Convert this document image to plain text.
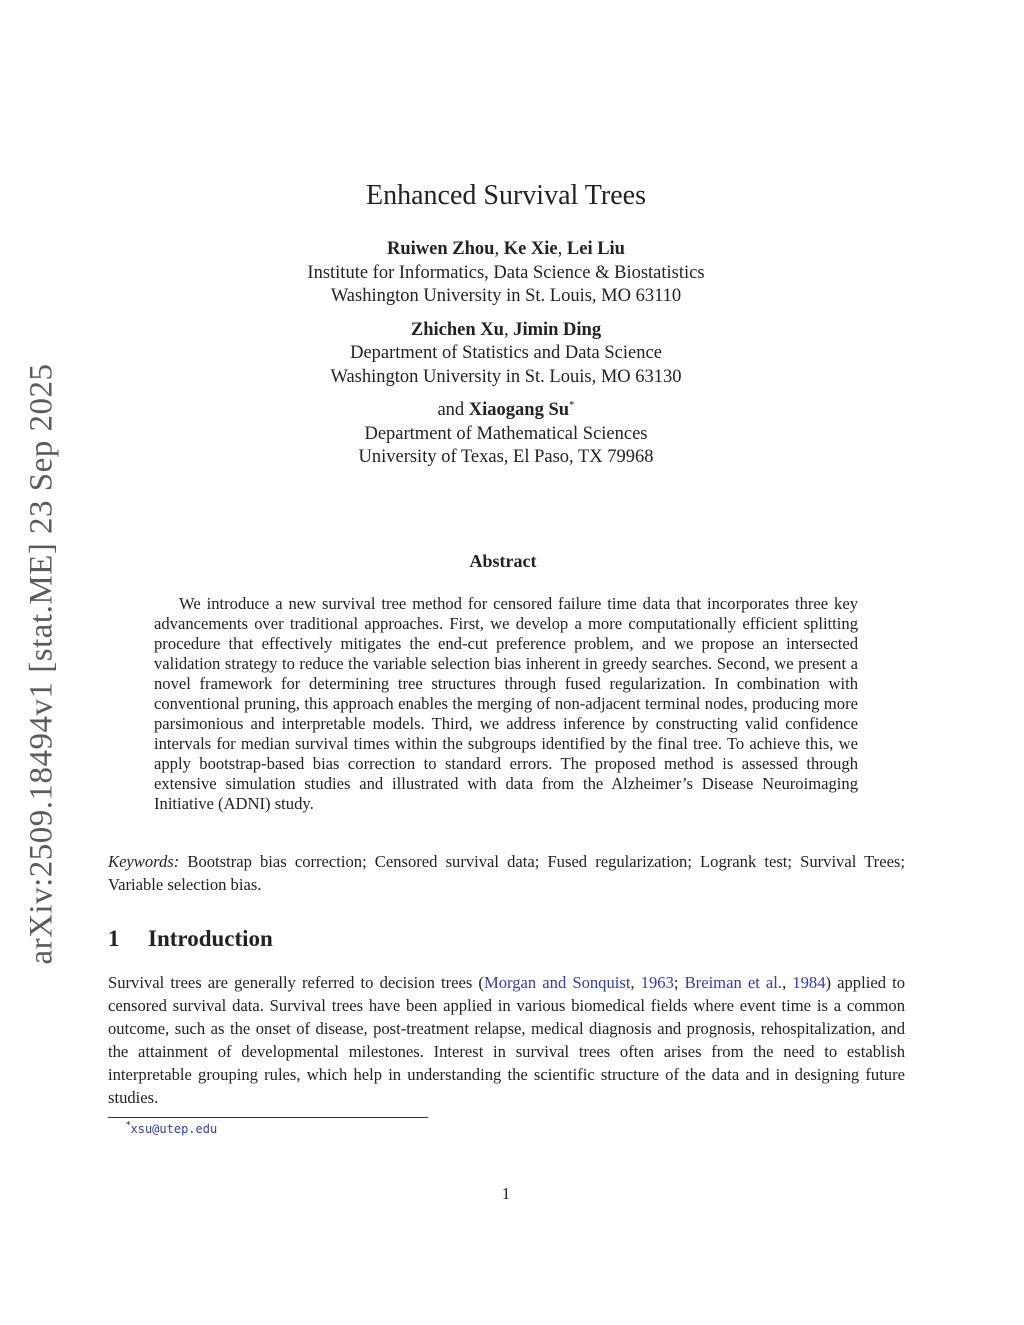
arXiv:2509.18494v1 [stat.ME] 23 Sep 2025
Enhanced Survival Trees
Ruiwen Zhou, Ke Xie, Lei Liu
Institute for Informatics, Data Science & Biostatistics
Washington University in St. Louis, MO 63110
Zhichen Xu, Jimin Ding
Department of Statistics and Data Science
Washington University in St. Louis, MO 63130
and Xiaogang Su*
Department of Mathematical Sciences
University of Texas, El Paso, TX 79968
Abstract
We introduce a new survival tree method for censored failure time data that incorporates three key advancements over traditional approaches. First, we develop a more computationally efficient splitting procedure that effectively mitigates the end-cut preference problem, and we propose an intersected validation strategy to reduce the variable selection bias inherent in greedy searches. Second, we present a novel framework for determining tree structures through fused regularization. In combination with conventional pruning, this approach enables the merging of non-adjacent terminal nodes, producing more parsimonious and interpretable models. Third, we address inference by constructing valid confidence intervals for median survival times within the subgroups identified by the final tree. To achieve this, we apply bootstrap-based bias correction to standard errors. The proposed method is assessed through extensive simulation studies and illustrated with data from the Alzheimer’s Disease Neuroimaging Initiative (ADNI) study.
Keywords: Bootstrap bias correction; Censored survival data; Fused regularization; Logrank test; Survival Trees; Variable selection bias.
1 Introduction
Survival trees are generally referred to decision trees (Morgan and Sonquist, 1963; Breiman et al., 1984) applied to censored survival data. Survival trees have been applied in various biomedical fields where event time is a common outcome, such as the onset of disease, post-treatment relapse, medical diagnosis and prognosis, rehospitalization, and the attainment of developmental milestones. Interest in survival trees often arises from the need to establish interpretable grouping rules, which help in understanding the scientific structure of the data and in designing future studies.
*xsu@utep.edu
1
